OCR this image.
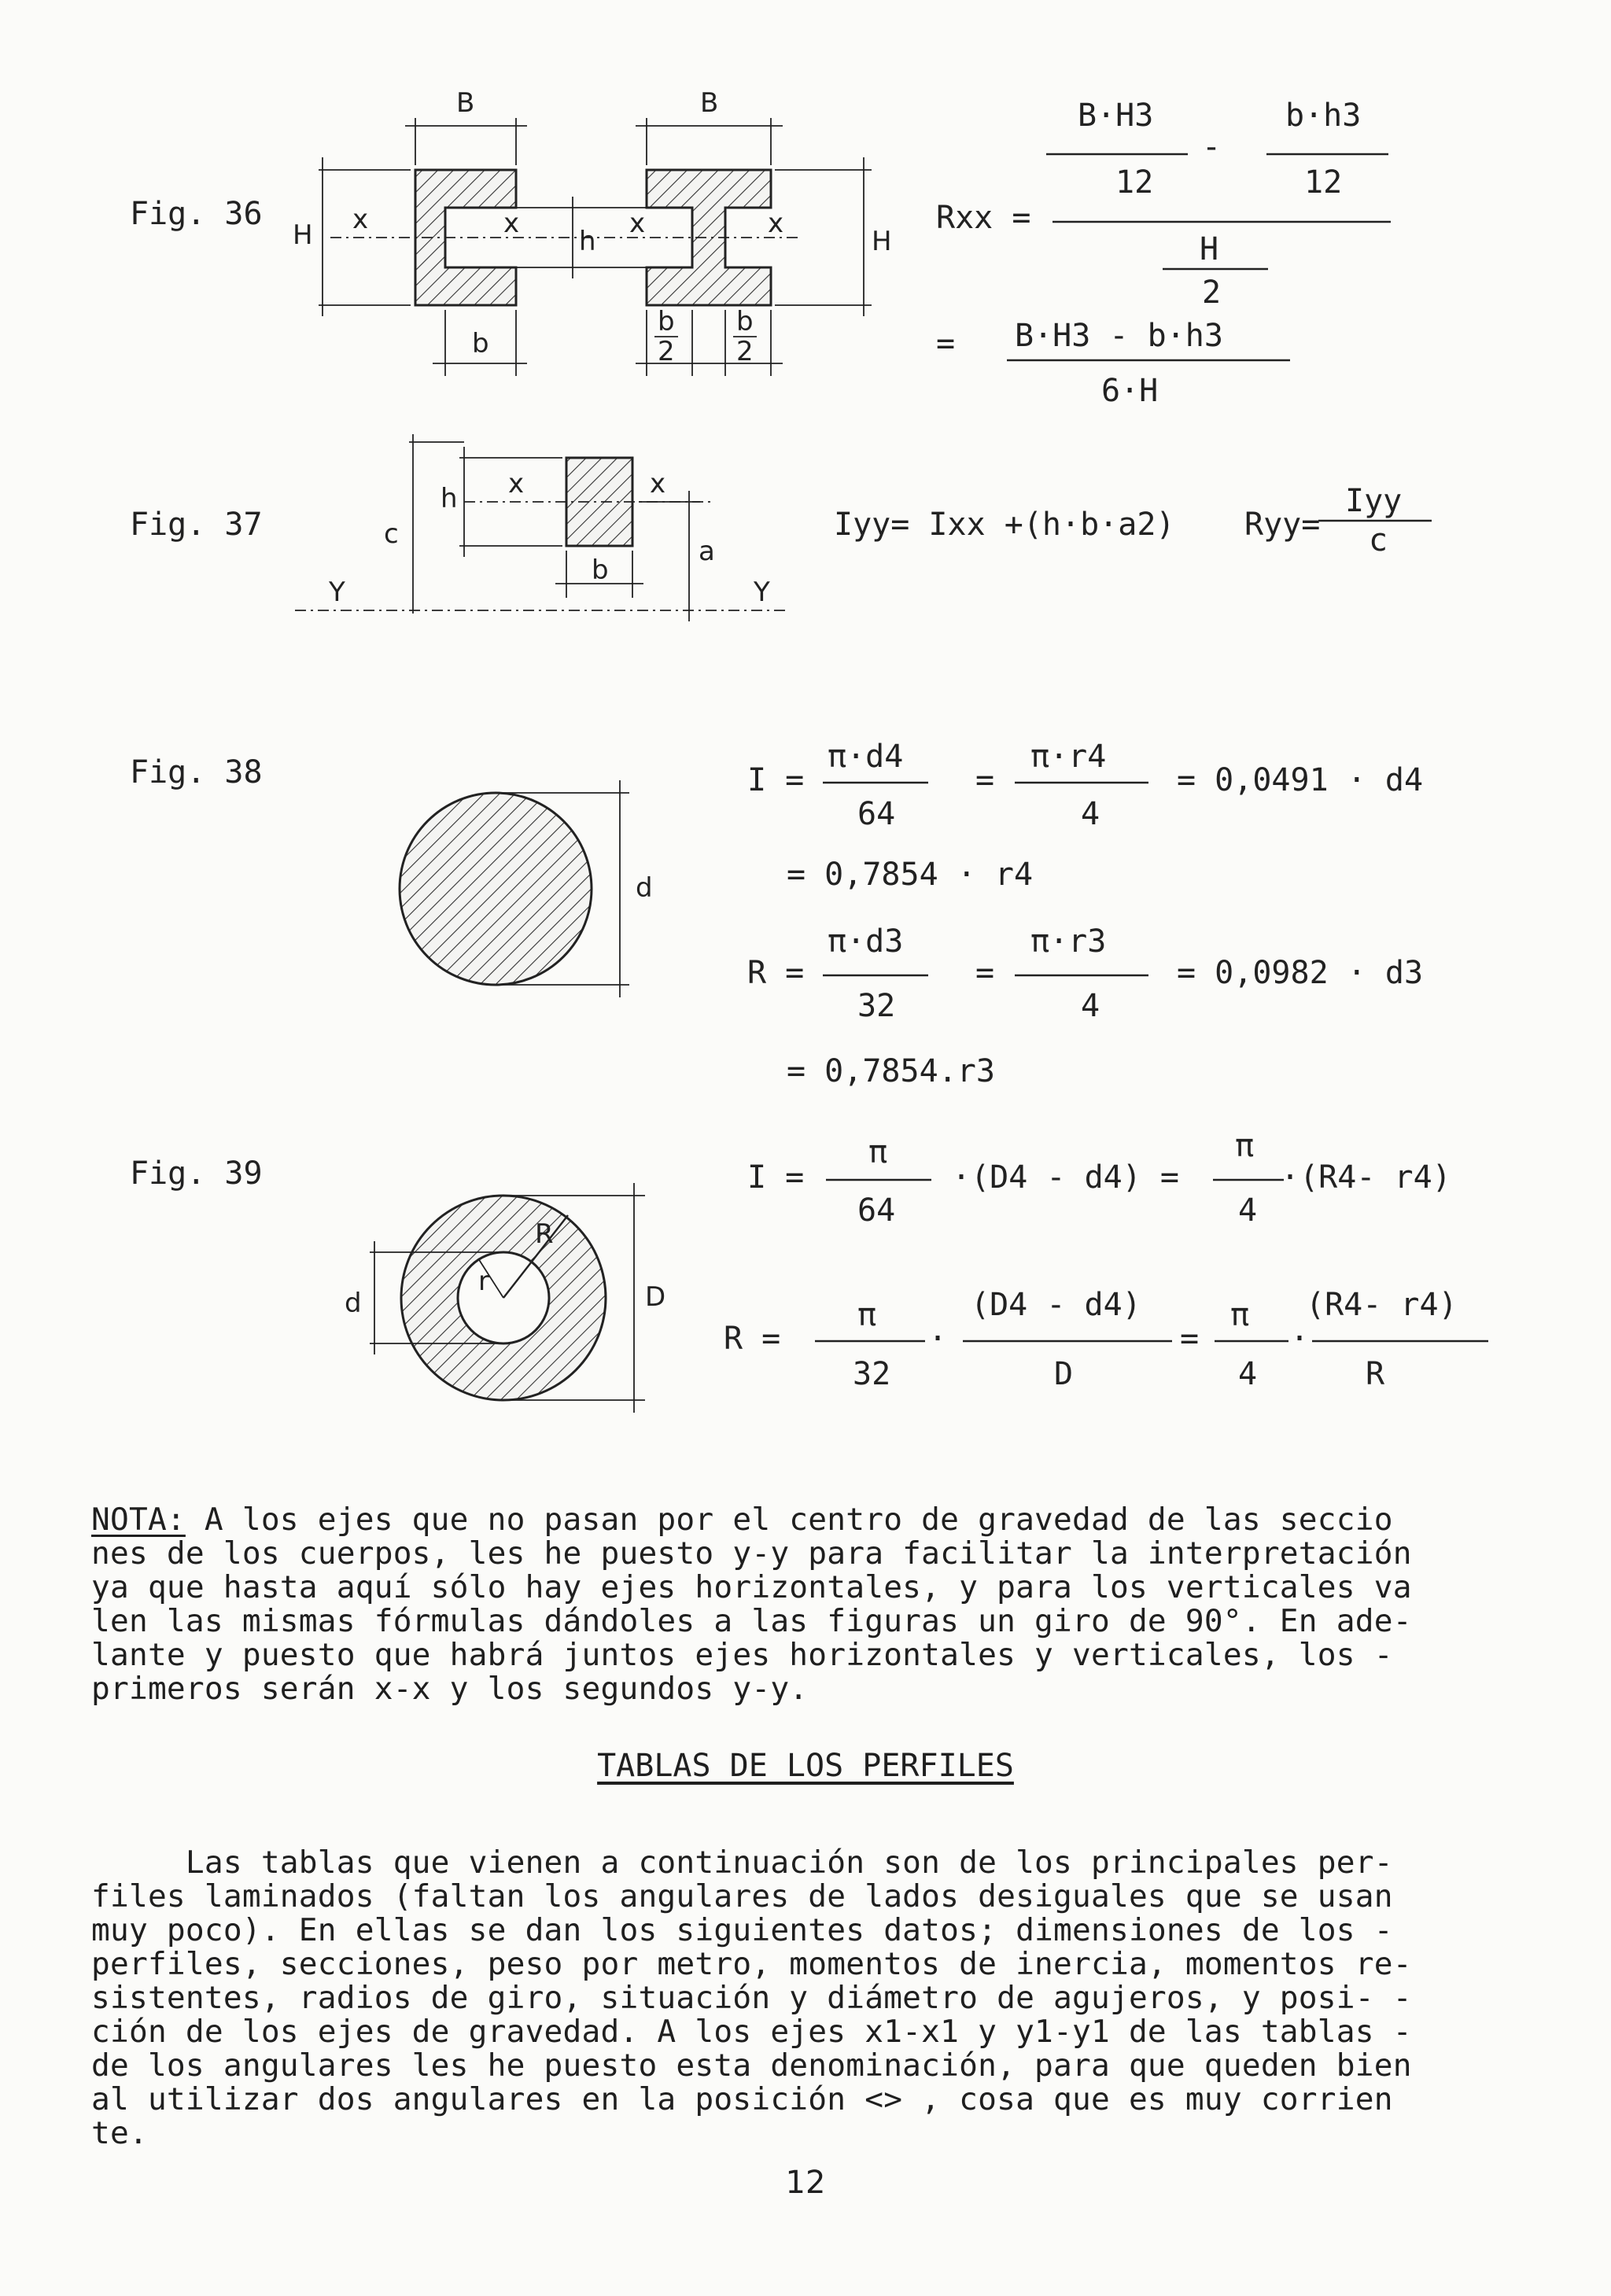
Fig. 36	x	x	x	x
B	B
H	H
h
b
b
2
b
2
B·H3
12
-
b·h3
12
Rxx =
H
2
= B·H3 - b·h3
6·H
Fig. 37
x	x
h
c
a
b
Y	Y
Iyy= Ixx +(h·b·a2) Ryy=
Iyy
c
Fig. 38
d
I =
π·d4
64
=
π·r4
4
= 0,0491 · d4
= 0,7854 · r4
R =
π·d3
32
=
π·r3
4
= 0,0982 · d3
= 0,7854.r3
Fig. 39
R
r
d	D
I =
π
64
·(D4 - d4) =
π
4
·(R4- r4)
R =
π
32
·
(D4 - d4)
D
=
π
4
·
(R4- r4)
R

NOTA: A los ejes que no pasan por el centro de gravedad de las seccio
nes de los cuerpos, les he puesto y-y para facilitar la interpretación
ya que hasta aquí sólo hay ejes horizontales, y para los verticales va
len las mismas fórmulas dándoles a las figuras un giro de 90°. En ade-
lante y puesto que habrá juntos ejes horizontales y verticales, los -
primeros serán x-x y los segundos y-y.
TABLAS DE LOS PERFILES

Las tablas que vienen a continuación son de los principales per-
files laminados (faltan los angulares de lados desiguales que se usan
muy poco). En ellas se dan los siguientes datos; dimensiones de los -
perfiles, secciones, peso por metro, momentos de inercia, momentos re-
sistentes, radios de giro, situación y diámetro de agujeros, y posi- -
ción de los ejes de gravedad. A los ejes x1-x1 y y1-y1 de las tablas -
de los angulares les he puesto esta denominación, para que queden bien
al utilizar dos angulares en la posición <> , cosa que es muy corrien
te.
12
